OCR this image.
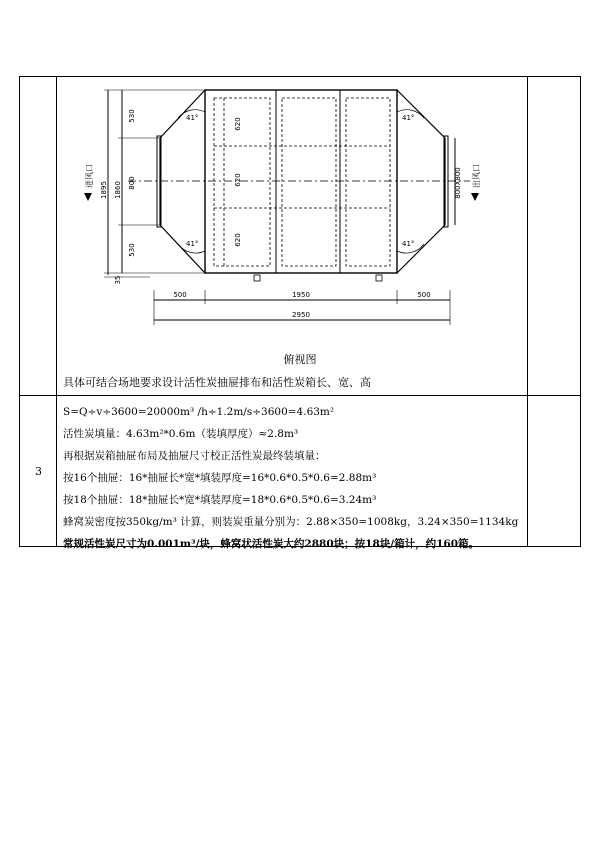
3
1895 1860
530
800
530
35
620
620
620
41°
41°
41°
41°
800X800
进风口	出风口
500	1950	500
2950
俯视图
具体可结合场地要求设计活性炭抽屉排布和活性炭箱长、宽、高
S=Q÷v÷3600=20000m³ /h÷1.2m/s÷3600=4.63m²
活性炭填量：4.63m²*0.6m（装填厚度）≈2.8m³
再根据炭箱抽屉布局及抽屉尺寸校正活性炭最终装填量：
按16个抽屉：16*抽屉长*宽*填装厚度=16*0.6*0.5*0.6=2.88m³
按18个抽屉：18*抽屉长*宽*填装厚度=18*0.6*0.5*0.6=3.24m³
蜂窝炭密度按350kg/m³ 计算，则装炭重量分别为：2.88×350=1008kg，3.24×350=1134kg
常规活性炭尺寸为0.001m³/块，蜂窝状活性炭大约2880块；按18块/箱计，约160箱。
